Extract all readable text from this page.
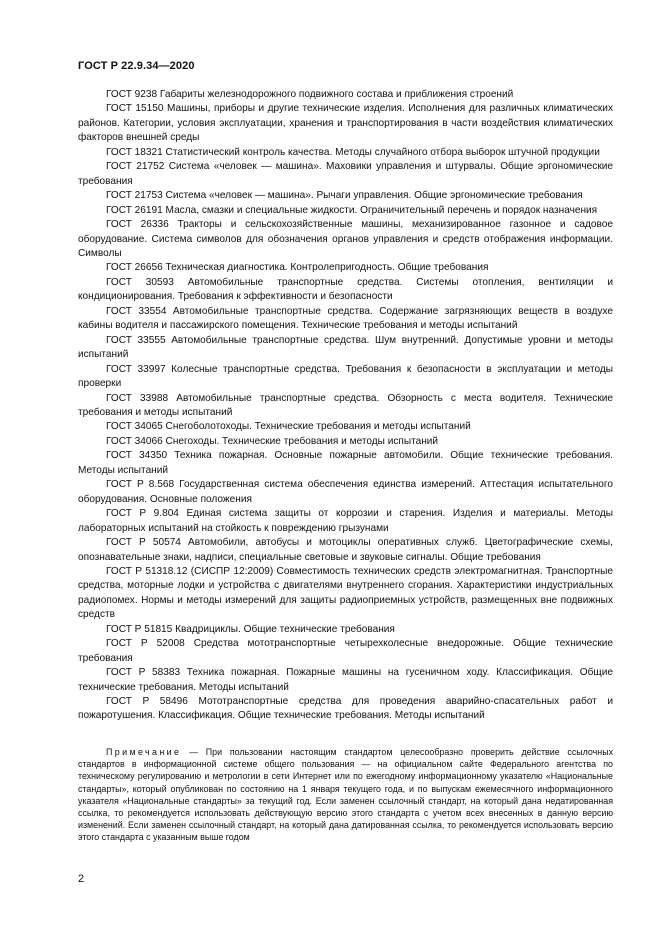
ГОСТ Р 22.9.34—2020

ГОСТ 9238 Габариты железнодорожного подвижного состава и приближения строений

ГОСТ 15150 Машины, приборы и другие технические изделия. Исполнения для различных климатических районов. Категории, условия эксплуатации, хранения и транспортирования в части воздействия климатических факторов внешней среды

ГОСТ 18321 Статистический контроль качества. Методы случайного отбора выборок штучной продукции

ГОСТ 21752 Система «человек — машина». Маховики управления и штурвалы. Общие эргономические требования

ГОСТ 21753 Система «человек — машина». Рычаги управления. Общие эргономические требования

ГОСТ 26191 Масла, смазки и специальные жидкости. Ограничительный перечень и порядок назначения

ГОСТ 26336 Тракторы и сельскохозяйственные машины, механизированное газонное и садовое оборудование. Система символов для обозначения органов управления и средств отображения информации. Символы

ГОСТ 26656 Техническая диагностика. Контролепригодность. Общие требования

ГОСТ 30593 Автомобильные транспортные средства. Системы отопления, вентиляции и кондиционирования. Требования к эффективности и безопасности

ГОСТ 33554 Автомобильные транспортные средства. Содержание загрязняющих веществ в воздухе кабины водителя и пассажирского помещения. Технические требования и методы испытаний

ГОСТ 33555 Автомобильные транспортные средства. Шум внутренний. Допустимые уровни и методы испытаний

ГОСТ 33997 Колесные транспортные средства. Требования к безопасности в эксплуатации и методы проверки

ГОСТ 33988 Автомобильные транспортные средства. Обзорность с места водителя. Технические требования и методы испытаний

ГОСТ 34065 Снегоболотоходы. Технические требования и методы испытаний

ГОСТ 34066 Снегоходы. Технические требования и методы испытаний

ГОСТ 34350 Техника пожарная. Основные пожарные автомобили. Общие технические требования. Методы испытаний

ГОСТ Р 8.568 Государственная система обеспечения единства измерений. Аттестация испытательного оборудования. Основные положения

ГОСТ Р 9.804 Единая система защиты от коррозии и старения. Изделия и материалы. Методы лабораторных испытаний на стойкость к повреждению грызунами

ГОСТ Р 50574 Автомобили, автобусы и мотоциклы оперативных служб. Цветографические схемы, опознавательные знаки, надписи, специальные световые и звуковые сигналы. Общие требования

ГОСТ Р 51318.12 (СИСПР 12:2009) Совместимость технических средств электромагнитная. Транспортные средства, моторные лодки и устройства с двигателями внутреннего сгорания. Характеристики индустриальных радиопомех. Нормы и методы измерений для защиты радиоприемных устройств, размещенных вне подвижных средств

ГОСТ Р 51815 Квадрициклы. Общие технические требования

ГОСТ Р 52008 Средства мототранспортные четырехколесные внедорожные. Общие технические требования

ГОСТ Р 58383 Техника пожарная. Пожарные машины на гусеничном ходу. Классификация. Общие технические требования. Методы испытаний

ГОСТ Р 58496 Мототранспортные средства для проведения аварийно-спасательных работ и пожаротушения. Классификация. Общие технические требования. Методы испытаний

Примечание — При пользовании настоящим стандартом целесообразно проверить действие ссылочных стандартов в информационной системе общего пользования — на официальном сайте Федерального агентства по техническому регулированию и метрологии в сети Интернет или по ежегодному информационному указателю «Национальные стандарты», который опубликован по состоянию на 1 января текущего года, и по выпускам ежемесячного информационного указателя «Национальные стандарты» за текущий год. Если заменен ссылочный стандарт, на который дана недатированная ссылка, то рекомендуется использовать действующую версию этого стандарта с учетом всех внесенных в данную версию изменений. Если заменен ссылочный стандарт, на который дана датированная ссылка, то рекомендуется использовать версию этого стандарта с указанным выше годом

2
